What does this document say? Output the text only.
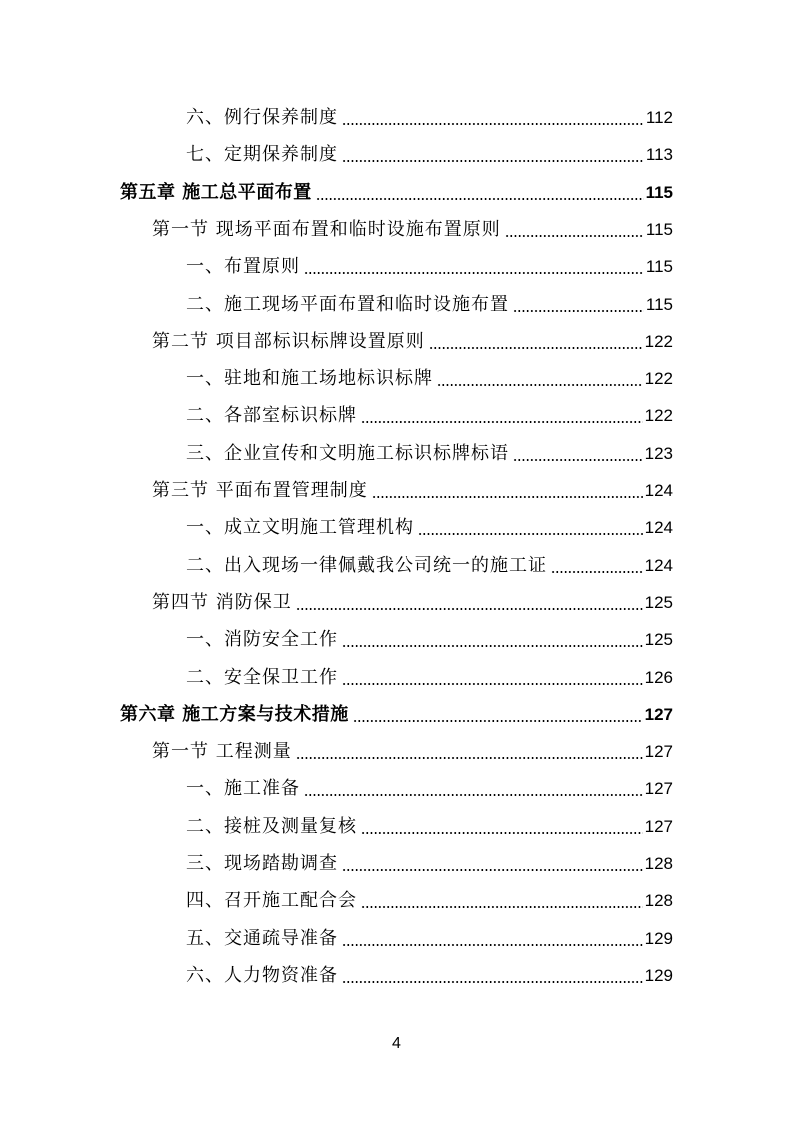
六、例行保养制度	112
七、定期保养制度	113
第五章 施工总平面布置	115
第一节 现场平面布置和临时设施布置原则	115
一、布置原则	115
二、施工现场平面布置和临时设施布置	115
第二节 项目部标识标牌设置原则	122
一、驻地和施工场地标识标牌	122
二、各部室标识标牌	122
三、企业宣传和文明施工标识标牌标语	123
第三节 平面布置管理制度	124
一、成立文明施工管理机构	124
二、出入现场一律佩戴我公司统一的施工证	124
第四节 消防保卫	125
一、消防安全工作	125
二、安全保卫工作	126
第六章 施工方案与技术措施	127
第一节 工程测量	127
一、施工准备	127
二、接桩及测量复核	127
三、现场踏勘调查	128
四、召开施工配合会	128
五、交通疏导准备	129
六、人力物资准备	129
4
